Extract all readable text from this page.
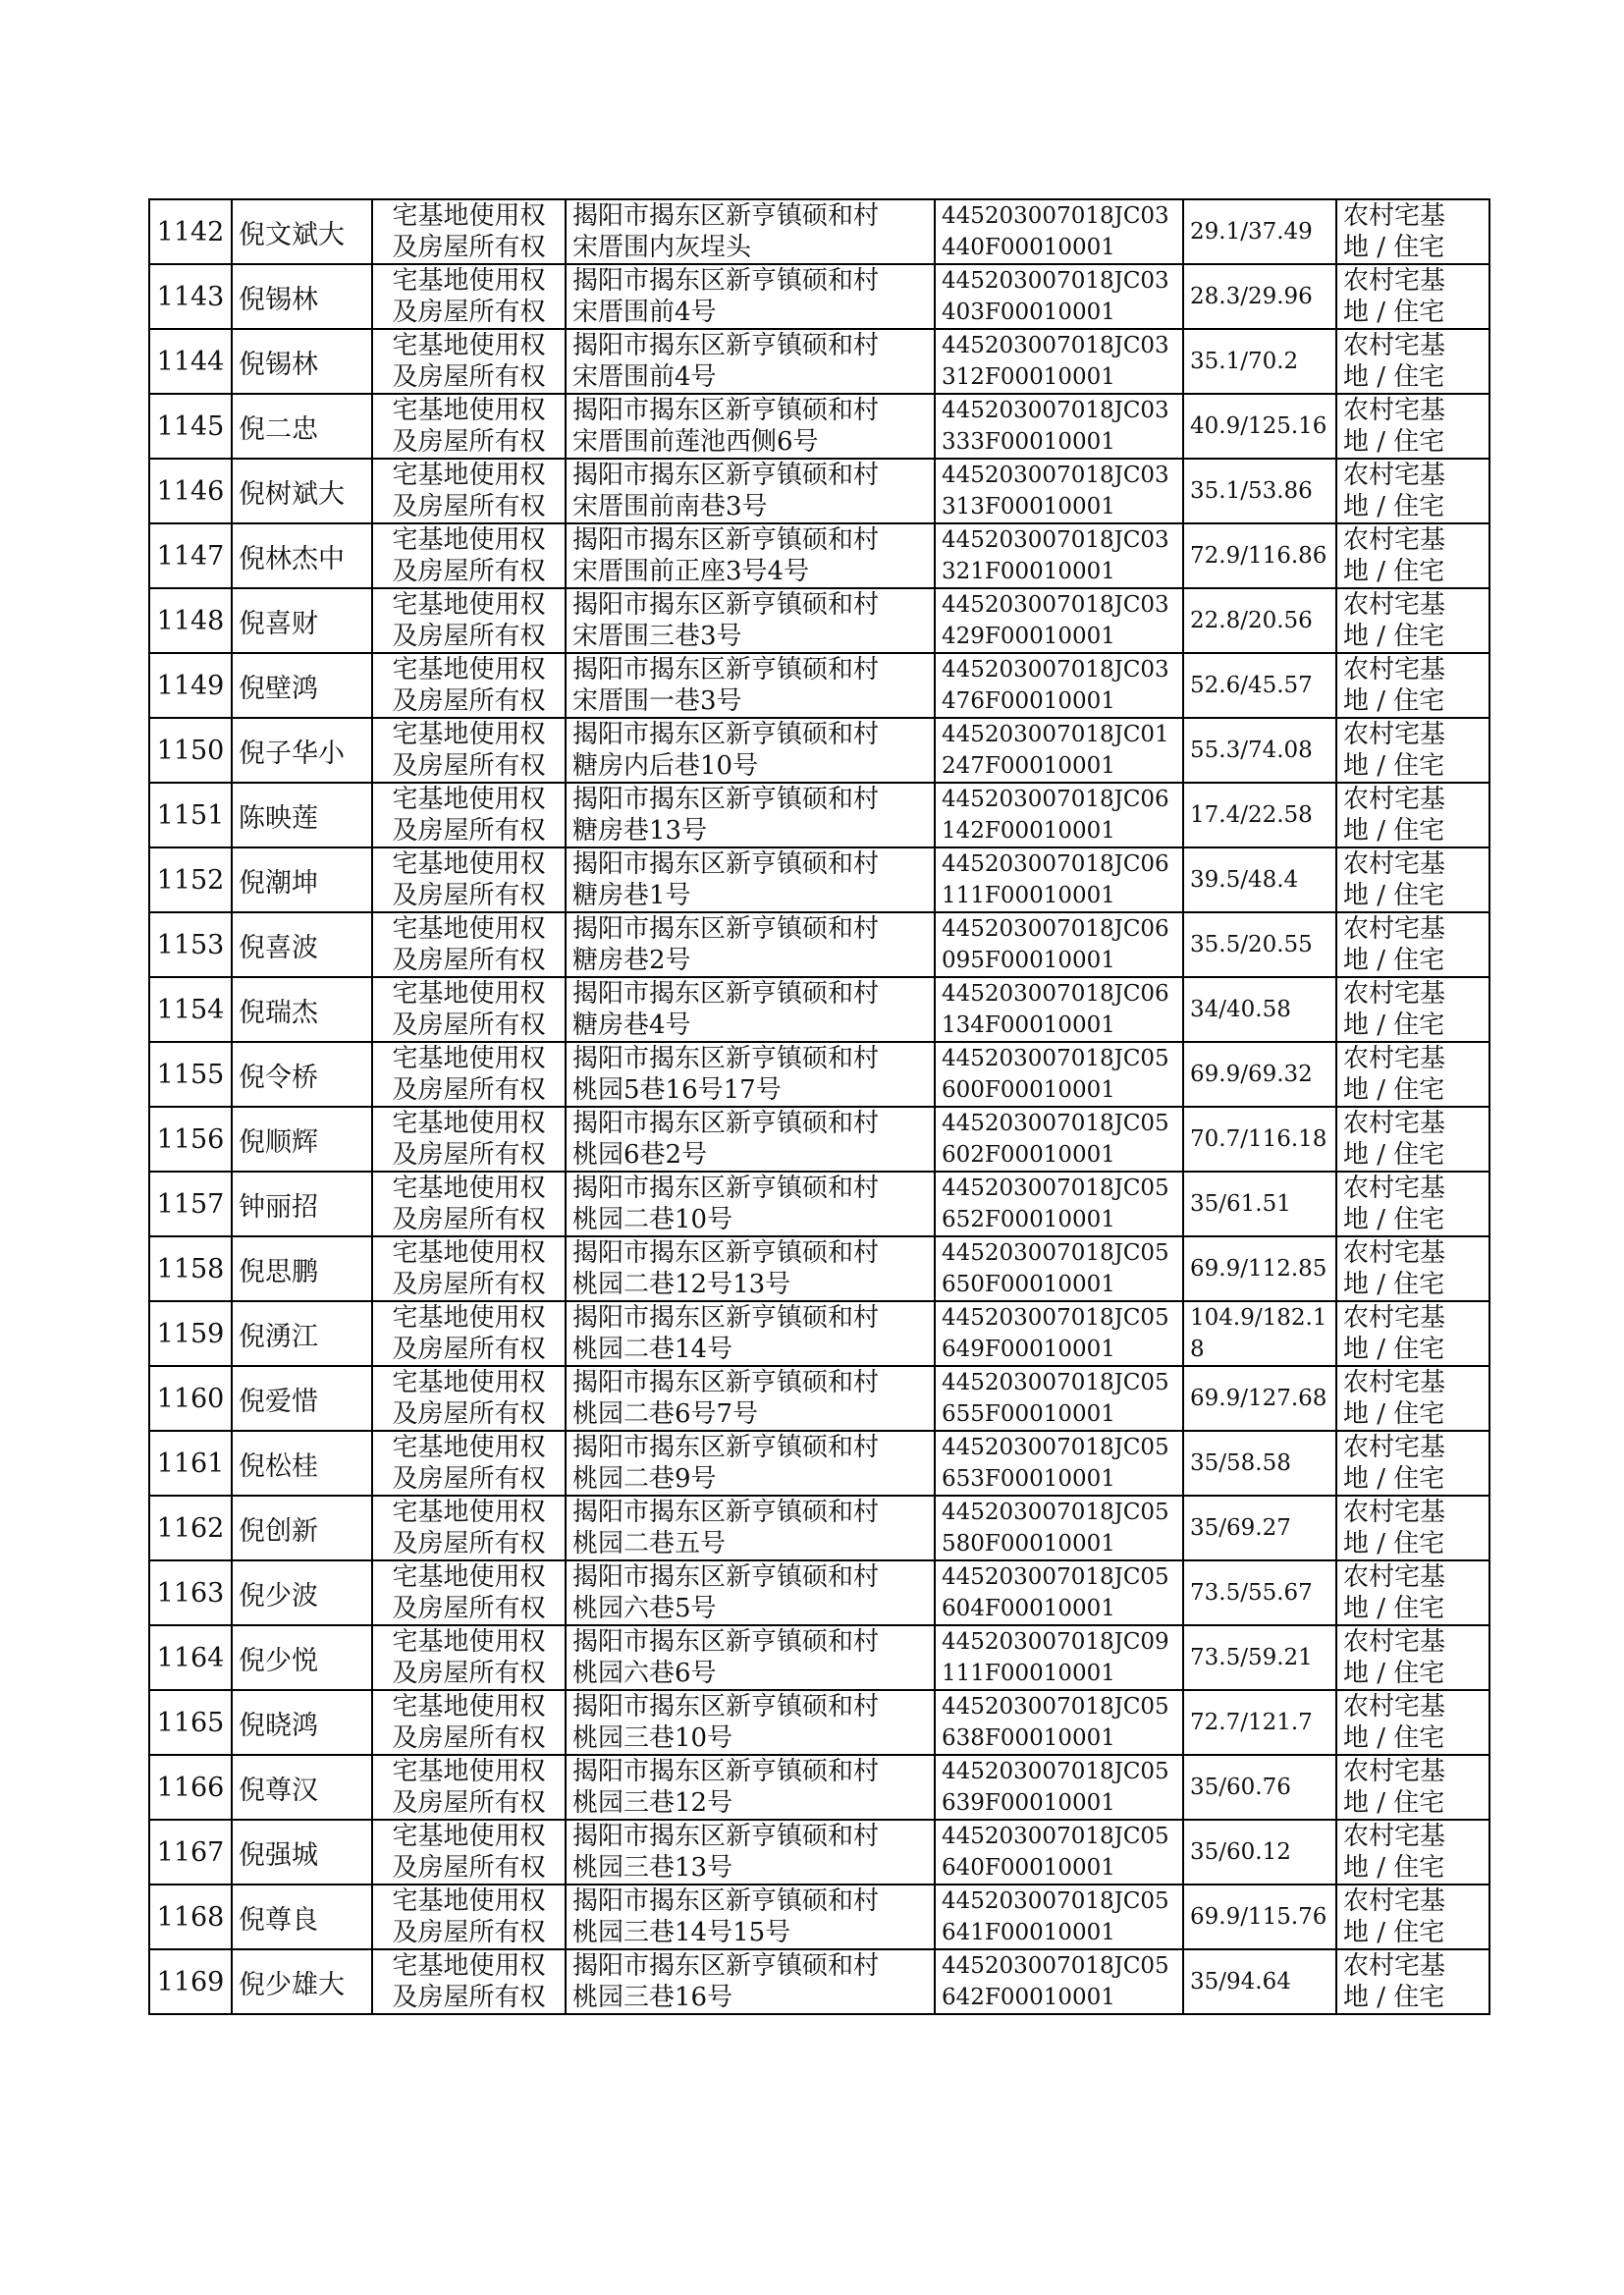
1142	倪文斌大	宅基地使用权
及房屋所有权	揭阳市揭东区新亨镇硕和村
宋厝围内灰埕头	445203007018JC03440F00010001	29.1/37.49	农村宅基
地 / 住宅

1143	倪锡林	宅基地使用权
及房屋所有权	揭阳市揭东区新亨镇硕和村
宋厝围前4号	445203007018JC03403F00010001	28.3/29.96	农村宅基
地 / 住宅

1144	倪锡林	宅基地使用权
及房屋所有权	揭阳市揭东区新亨镇硕和村
宋厝围前4号	445203007018JC03312F00010001	35.1/70.2	农村宅基
地 / 住宅

1145	倪二忠	宅基地使用权
及房屋所有权	揭阳市揭东区新亨镇硕和村
宋厝围前莲池西侧6号	445203007018JC03333F00010001	40.9/125.16	农村宅基
地 / 住宅

1146	倪树斌大	宅基地使用权
及房屋所有权	揭阳市揭东区新亨镇硕和村
宋厝围前南巷3号	445203007018JC03313F00010001	35.1/53.86	农村宅基
地 / 住宅

1147	倪林杰中	宅基地使用权
及房屋所有权	揭阳市揭东区新亨镇硕和村
宋厝围前正座3号4号	445203007018JC03321F00010001	72.9/116.86	农村宅基
地 / 住宅

1148	倪喜财	宅基地使用权
及房屋所有权	揭阳市揭东区新亨镇硕和村
宋厝围三巷3号	445203007018JC03429F00010001	22.8/20.56	农村宅基
地 / 住宅

1149	倪壁鸿	宅基地使用权
及房屋所有权	揭阳市揭东区新亨镇硕和村
宋厝围一巷3号	445203007018JC03476F00010001	52.6/45.57	农村宅基
地 / 住宅

1150	倪子华小	宅基地使用权
及房屋所有权	揭阳市揭东区新亨镇硕和村
糖房内后巷10号	445203007018JC01247F00010001	55.3/74.08	农村宅基
地 / 住宅

1151	陈映莲	宅基地使用权
及房屋所有权	揭阳市揭东区新亨镇硕和村
糖房巷13号	445203007018JC06142F00010001	17.4/22.58	农村宅基
地 / 住宅

1152	倪潮坤	宅基地使用权
及房屋所有权	揭阳市揭东区新亨镇硕和村
糖房巷1号	445203007018JC06111F00010001	39.5/48.4	农村宅基
地 / 住宅

1153	倪喜波	宅基地使用权
及房屋所有权	揭阳市揭东区新亨镇硕和村
糖房巷2号	445203007018JC06095F00010001	35.5/20.55	农村宅基
地 / 住宅

1154	倪瑞杰	宅基地使用权
及房屋所有权	揭阳市揭东区新亨镇硕和村
糖房巷4号	445203007018JC06134F00010001	34/40.58	农村宅基
地 / 住宅

1155	倪令桥	宅基地使用权
及房屋所有权	揭阳市揭东区新亨镇硕和村
桃园5巷16号17号	445203007018JC05600F00010001	69.9/69.32	农村宅基
地 / 住宅

1156	倪顺辉	宅基地使用权
及房屋所有权	揭阳市揭东区新亨镇硕和村
桃园6巷2号	445203007018JC05602F00010001	70.7/116.18	农村宅基
地 / 住宅

1157	钟丽招	宅基地使用权
及房屋所有权	揭阳市揭东区新亨镇硕和村
桃园二巷10号	445203007018JC05652F00010001	35/61.51	农村宅基
地 / 住宅

1158	倪思鹏	宅基地使用权
及房屋所有权	揭阳市揭东区新亨镇硕和村
桃园二巷12号13号	445203007018JC05650F00010001	69.9/112.85	农村宅基
地 / 住宅

1159	倪湧江	宅基地使用权
及房屋所有权	揭阳市揭东区新亨镇硕和村
桃园二巷14号	445203007018JC05649F00010001	104.9/182.18	农村宅基
地 / 住宅

1160	倪爱惜	宅基地使用权
及房屋所有权	揭阳市揭东区新亨镇硕和村
桃园二巷6号7号	445203007018JC05655F00010001	69.9/127.68	农村宅基
地 / 住宅

1161	倪松桂	宅基地使用权
及房屋所有权	揭阳市揭东区新亨镇硕和村
桃园二巷9号	445203007018JC05653F00010001	35/58.58	农村宅基
地 / 住宅

1162	倪创新	宅基地使用权
及房屋所有权	揭阳市揭东区新亨镇硕和村
桃园二巷五号	445203007018JC05580F00010001	35/69.27	农村宅基
地 / 住宅

1163	倪少波	宅基地使用权
及房屋所有权	揭阳市揭东区新亨镇硕和村
桃园六巷5号	445203007018JC05604F00010001	73.5/55.67	农村宅基
地 / 住宅

1164	倪少悦	宅基地使用权
及房屋所有权	揭阳市揭东区新亨镇硕和村
桃园六巷6号	445203007018JC09111F00010001	73.5/59.21	农村宅基
地 / 住宅

1165	倪晓鸿	宅基地使用权
及房屋所有权	揭阳市揭东区新亨镇硕和村
桃园三巷10号	445203007018JC05638F00010001	72.7/121.7	农村宅基
地 / 住宅

1166	倪尊汉	宅基地使用权
及房屋所有权	揭阳市揭东区新亨镇硕和村
桃园三巷12号	445203007018JC05639F00010001	35/60.76	农村宅基
地 / 住宅

1167	倪强城	宅基地使用权
及房屋所有权	揭阳市揭东区新亨镇硕和村
桃园三巷13号	445203007018JC05640F00010001	35/60.12	农村宅基
地 / 住宅

1168	倪尊良	宅基地使用权
及房屋所有权	揭阳市揭东区新亨镇硕和村
桃园三巷14号15号	445203007018JC05641F00010001	69.9/115.76	农村宅基
地 / 住宅

1169	倪少雄大	宅基地使用权
及房屋所有权	揭阳市揭东区新亨镇硕和村
桃园三巷16号	445203007018JC05642F00010001	35/94.64	农村宅基
地 / 住宅
